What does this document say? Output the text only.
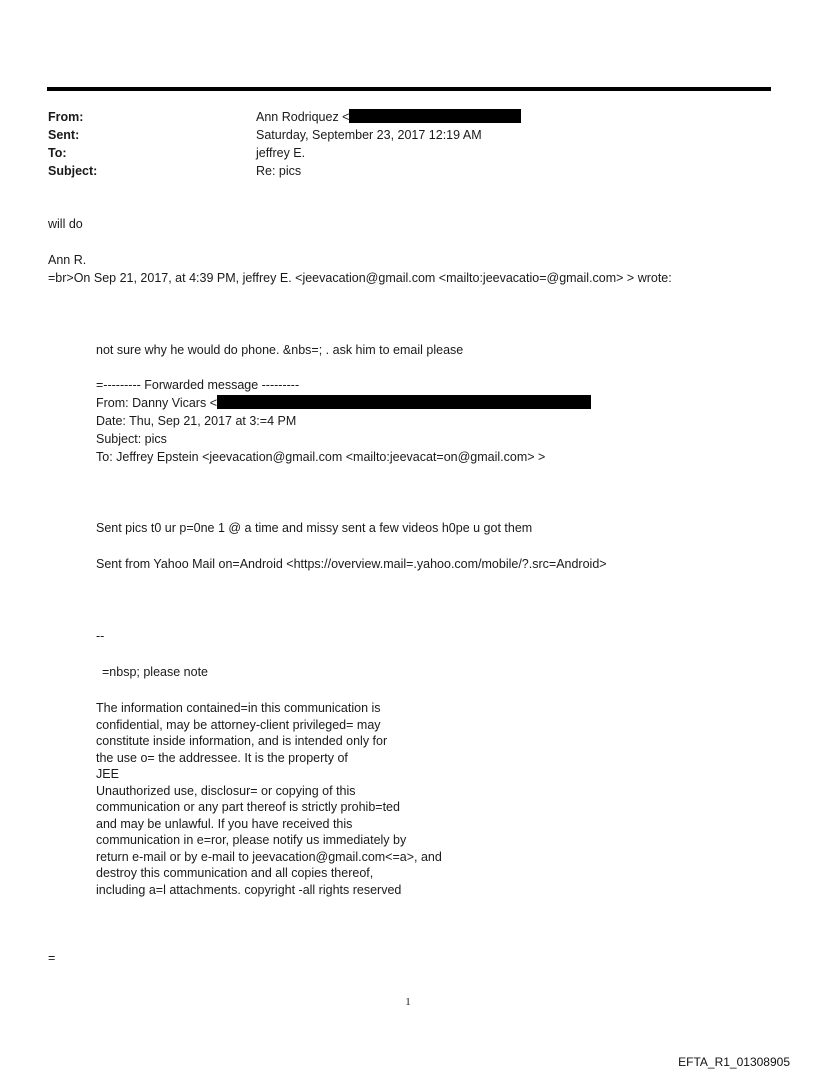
From:	Ann Rodriquez <
Sent:	Saturday, September 23, 2017 12:19 AM
To:	jeffrey E.
Subject:	Re: pics
will do
Ann R.
=br>On Sep 21, 2017, at 4:39 PM, jeffrey E. <jeevacation@gmail.com <mailto:jeevacatio=@gmail.com> > wrote:
not sure why he would do phone. &nbs=; . ask him to email please
=--------- Forwarded message ---------
From: Danny Vicars <
Date: Thu, Sep 21, 2017 at 3:=4 PM
Subject: pics
To: Jeffrey Epstein <jeevacation@gmail.com <mailto:jeevacat=on@gmail.com> >
Sent pics t0 ur p=0ne 1 @ a time and missy sent a few videos h0pe u got them
Sent from Yahoo Mail on=Android <https://overview.mail=.yahoo.com/mobile/?.src=Android>
--
=nbsp; please note
The information contained=in this communication is
confidential, may be attorney-client privileged= may
constitute inside information, and is intended only for
the use o= the addressee. It is the property of
JEE
Unauthorized use, disclosur= or copying of this
communication or any part thereof is strictly prohib=ted
and may be unlawful. If you have received this
communication in e=ror, please notify us immediately by
return e-mail or by e-mail to jeevacation@gmail.com<=a>, and
destroy this communication and all copies thereof,
including a=l attachments. copyright -all rights reserved
=
1
EFTA_R1_01308905
